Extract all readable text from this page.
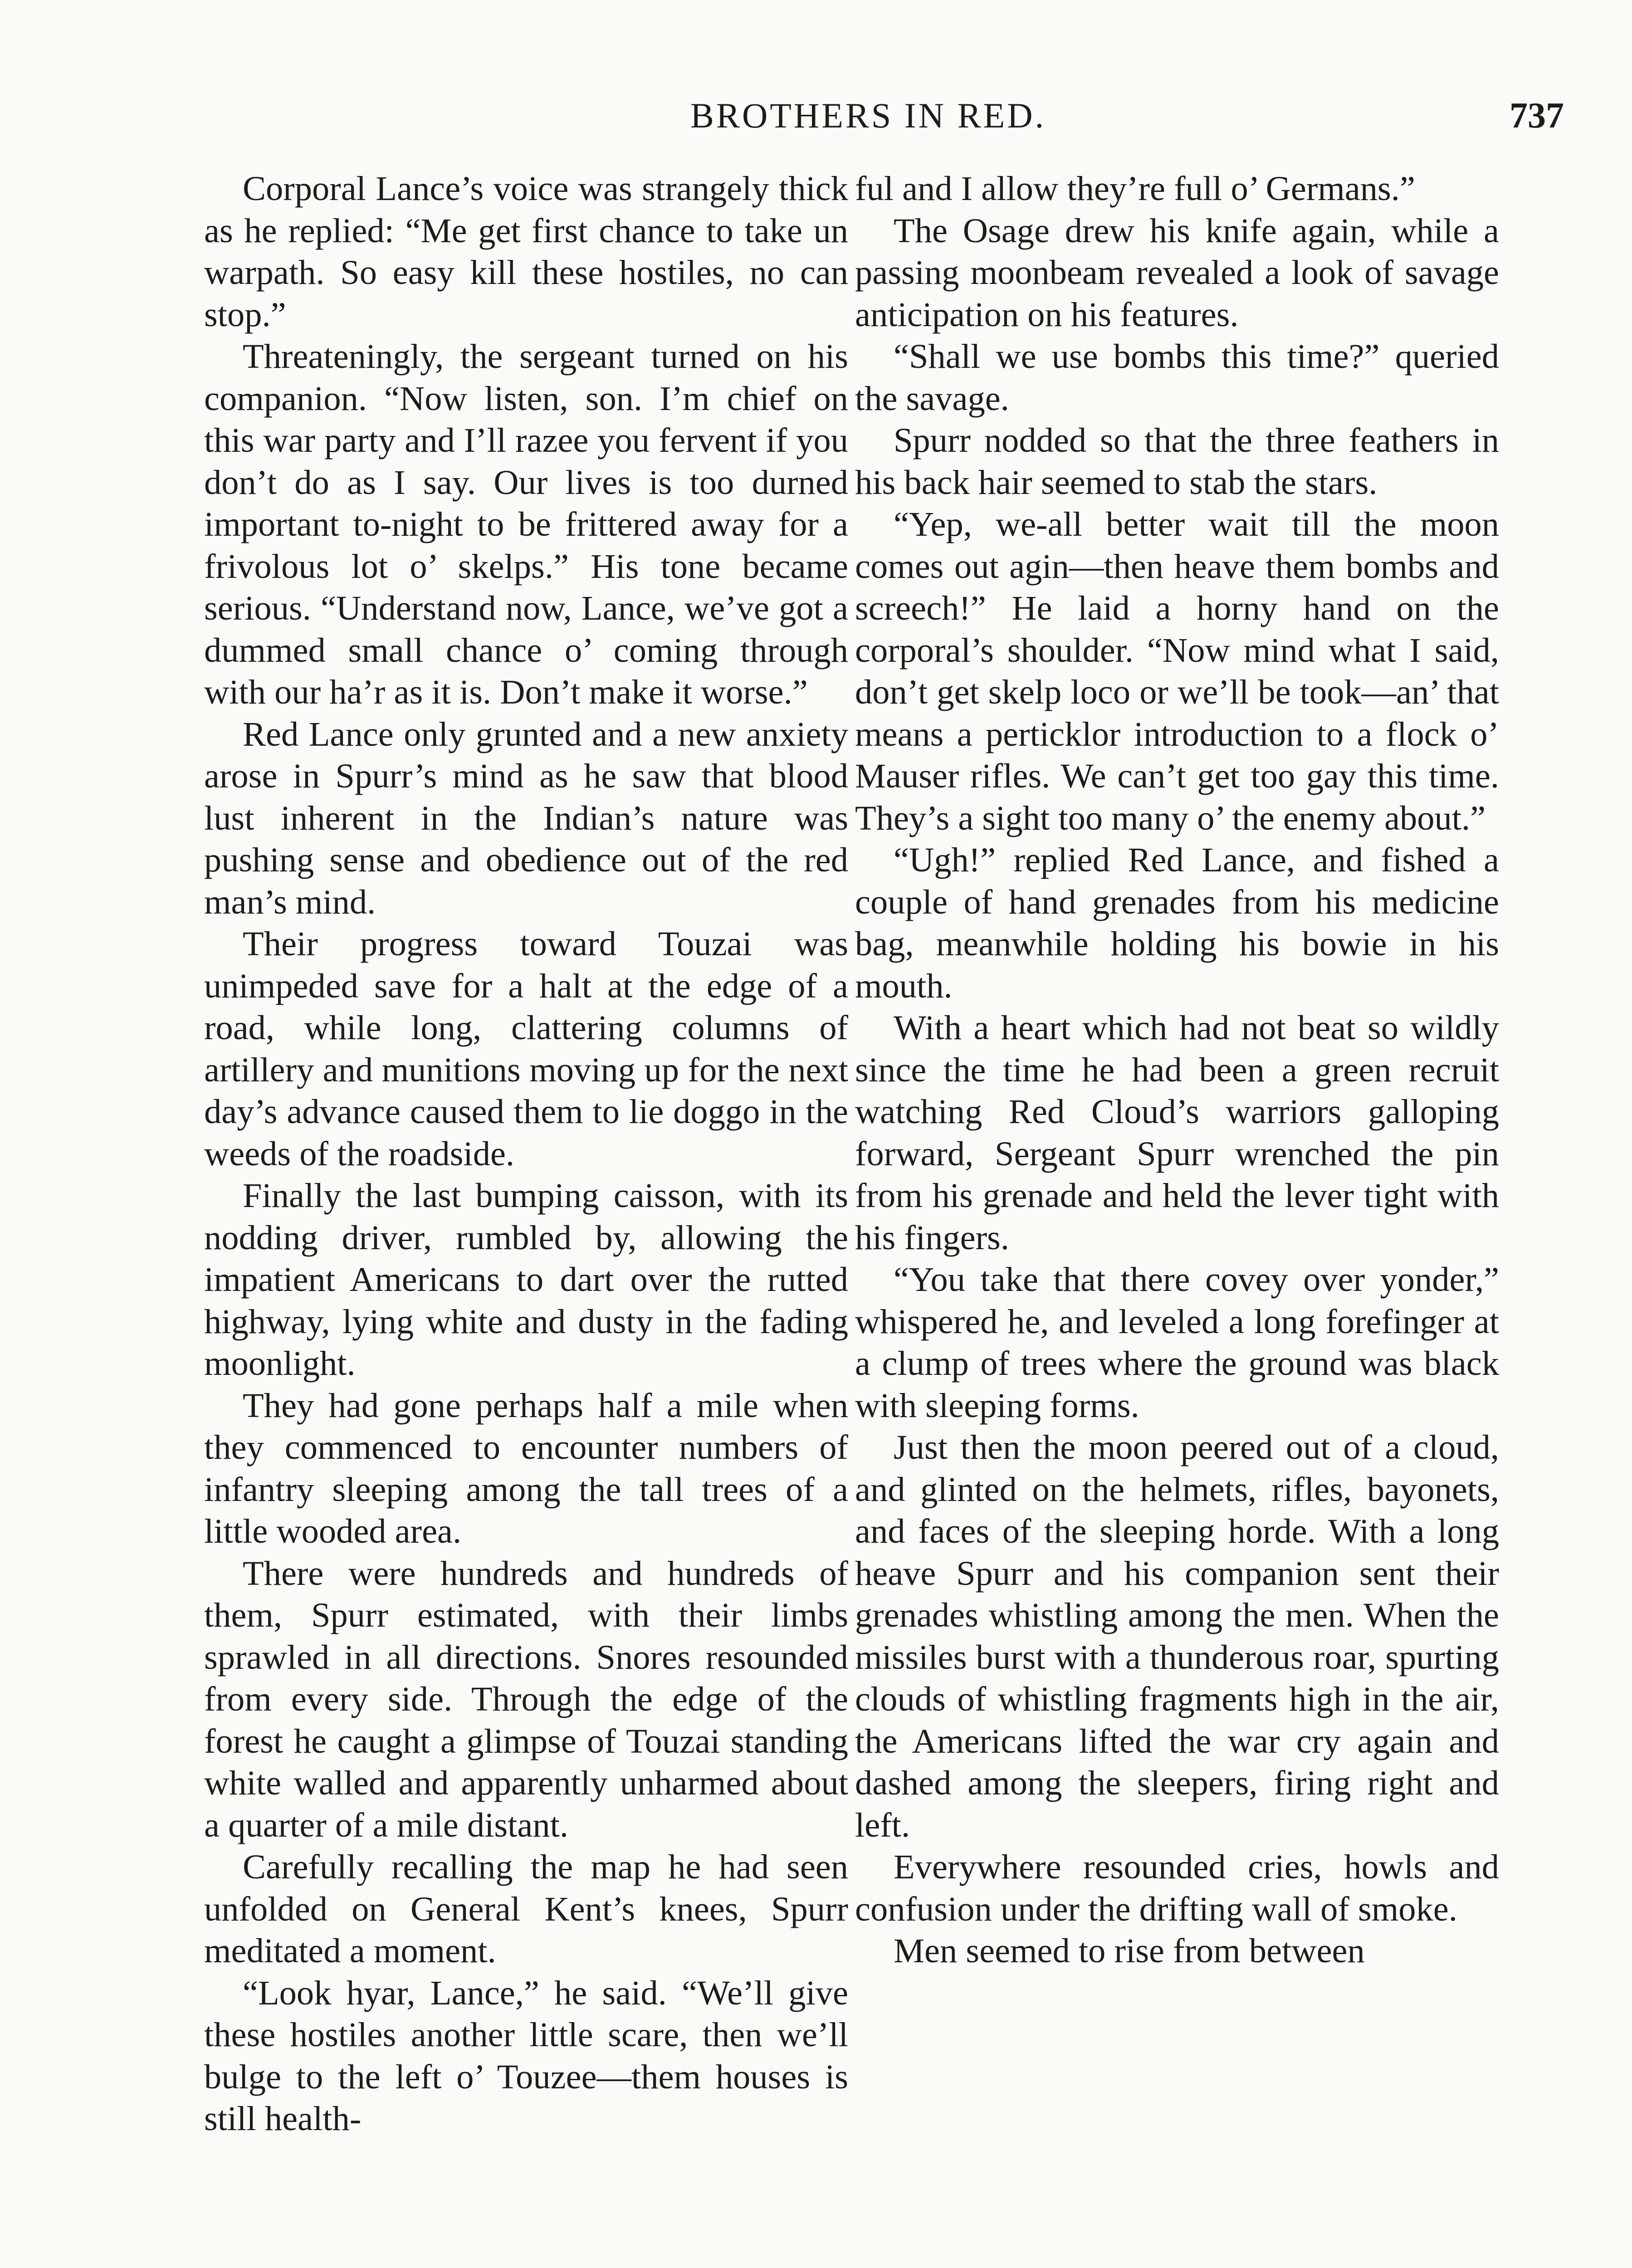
BROTHERS IN RED.	737

Corporal Lance’s voice was strangely thick as he replied: “Me get first chance to take un warpath. So easy kill these hostiles, no can stop.”

Threateningly, the sergeant turned on his companion. “Now listen, son. I’m chief on this war party and I’ll razee you fervent if you don’t do as I say. Our lives is too durned important to-night to be frittered away for a frivolous lot o’ skelps.” His tone became serious. “Understand now, Lance, we’ve got a dummed small chance o’ coming through with our ha’r as it is. Don’t make it worse.”

Red Lance only grunted and a new anxiety arose in Spurr’s mind as he saw that blood lust inherent in the Indian’s nature was pushing sense and obedience out of the red man’s mind.

Their progress toward Touzai was unimpeded save for a halt at the edge of a road, while long, clattering columns of artillery and munitions moving up for the next day’s advance caused them to lie doggo in the weeds of the roadside.

Finally the last bumping caisson, with its nodding driver, rumbled by, allowing the impatient Americans to dart over the rutted highway, lying white and dusty in the fading moonlight.

They had gone perhaps half a mile when they commenced to encounter numbers of infantry sleeping among the tall trees of a little wooded area.

There were hundreds and hundreds of them, Spurr estimated, with their limbs sprawled in all directions. Snores resounded from every side. Through the edge of the forest he caught a glimpse of Touzai standing white walled and apparently unharmed about a quarter of a mile distant.

Carefully recalling the map he had seen unfolded on General Kent’s knees, Spurr meditated a moment.

“Look hyar, Lance,” he said. “We’ll give these hostiles another little scare, then we’ll bulge to the left o’ Touzee—them houses is still health-

ful and I allow they’re full o’ Germans.”

The Osage drew his knife again, while a passing moonbeam revealed a look of savage anticipation on his features.

“Shall we use bombs this time?” queried the savage.

Spurr nodded so that the three feathers in his back hair seemed to stab the stars.

“Yep, we-all better wait till the moon comes out agin—then heave them bombs and screech!” He laid a horny hand on the corporal’s shoulder. “Now mind what I said, don’t get skelp loco or we’ll be took—an’ that means a perticklor introduction to a flock o’ Mauser rifles. We can’t get too gay this time. They’s a sight too many o’ the enemy about.”

“Ugh!” replied Red Lance, and fished a couple of hand grenades from his medicine bag, meanwhile holding his bowie in his mouth.

With a heart which had not beat so wildly since the time he had been a green recruit watching Red Cloud’s warriors galloping forward, Sergeant Spurr wrenched the pin from his grenade and held the lever tight with his fingers.

“You take that there covey over yonder,” whispered he, and leveled a long forefinger at a clump of trees where the ground was black with sleeping forms.

Just then the moon peered out of a cloud, and glinted on the helmets, rifles, bayonets, and faces of the sleeping horde. With a long heave Spurr and his companion sent their grenades whistling among the men. When the missiles burst with a thunderous roar, spurting clouds of whistling fragments high in the air, the Americans lifted the war cry again and dashed among the sleepers, firing right and left.

Everywhere resounded cries, howls and confusion under the drifting wall of smoke.

Men seemed to rise from between
